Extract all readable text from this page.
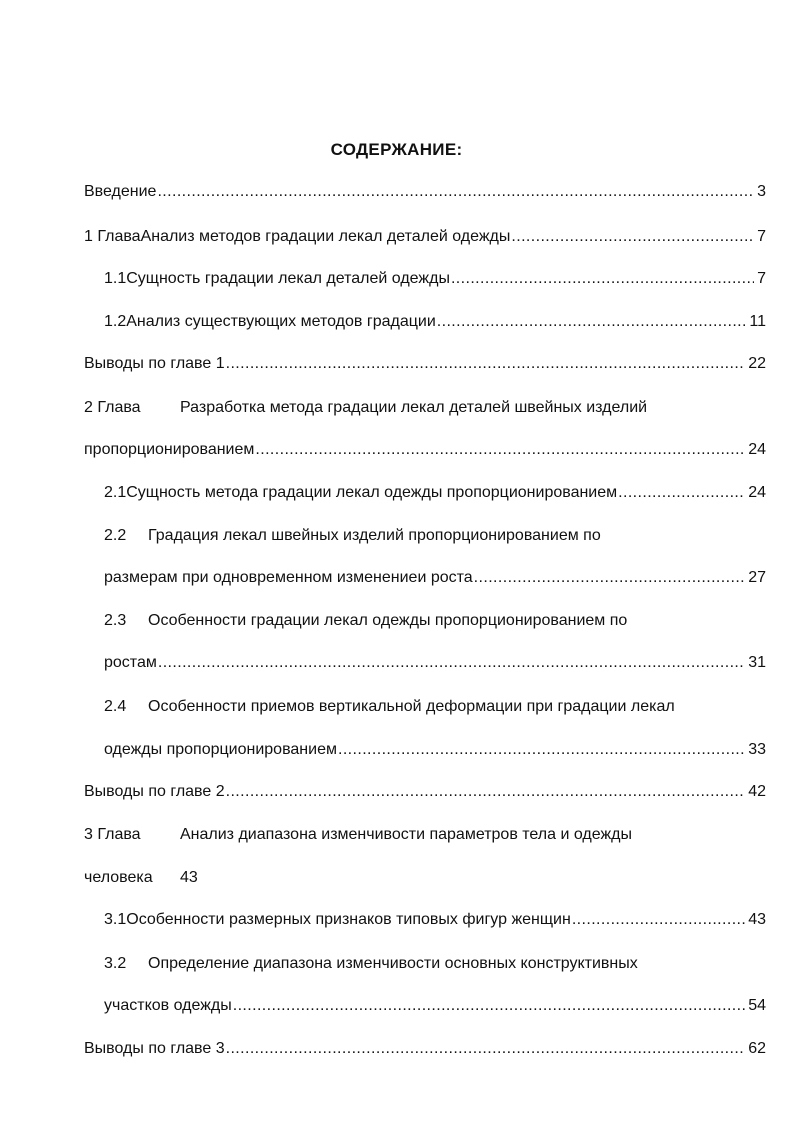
СОДЕРЖАНИЕ:
Введение .....	3
1 Глава Анализ методов градации лекал деталей одежды .....	7
1.1 Сущность градации лекал деталей одежды .....	7
1.2 Анализ существующих методов градации .....	11
Выводы по главе 1 .....	22
2 Глава	Разработка метода градации лекал деталей швейных изделий
пропорционированием .....	24
2.1 Сущность метода градации лекал одежды пропорционированием .....	24
2.2	Градация лекал швейных изделий пропорционированием по
размерам при одновременном изменениеи роста .....	27
2.3	Особенности градации лекал одежды пропорционированием по
ростам .....	31
2.4	Особенности приемов вертикальной деформации при градации лекал
одежды пропорционированием .....	33
Выводы по главе 2 .....	42
3 Глава	Анализ диапазона изменчивости параметров тела и одежды
человека	43
3.1 Особенности размерных признаков типовых фигур женщин .....	43
3.2	Определение диапазона изменчивости основных конструктивных
участков одежды .....	54
Выводы по главе 3 .....	62
